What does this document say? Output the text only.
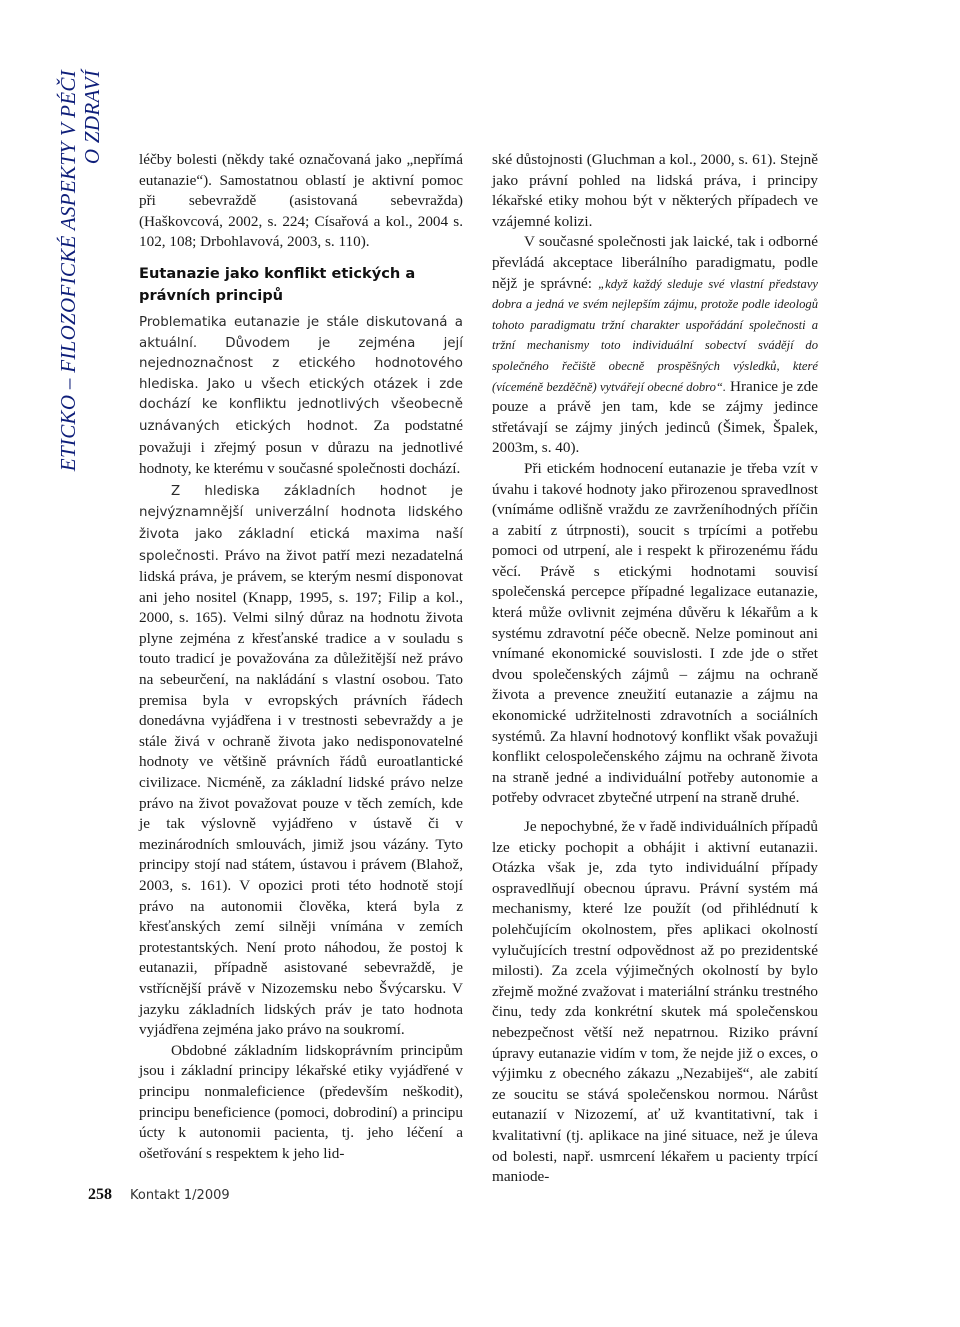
ETICKO – FILOZOFICKÉ ASPEKTY V PÉČI O ZDRAVÍ léčby bolesti (někdy také označovaná jako „nepřímá eutanazie“). Samostatnou oblastí je aktivní pomoc při sebevraždě (asistovaná sebevražda) (Haškovcová, 2002, s. 224; Císařová a kol., 2004 s. 102, 108; Drbohlavová, 2003, s. 110).

Eutanazie jako konflikt etických a právních principů

Problematika eutanazie je stále diskutovaná a aktuální. Důvodem je zejména její nejednoznačnost z etického hodnotového hlediska. Jako u všech etických otázek i zde dochází ke konfliktu jednotlivých všeobecně uznávaných etických hodnot. Za podstatné považuji i zřejmý posun v důrazu na jednotlivé hodnoty, ke kterému v současné společnosti dochází.

Z hlediska základních hodnot je nejvýznamnější univerzální hodnota lidského života jako základní etická maxima naší společnosti. Právo na život patří mezi nezadatelná lidská práva, je právem, se kterým nesmí disponovat ani jeho nositel (Knapp, 1995, s. 197; Filip a kol., 2000, s. 165). Velmi silný důraz na hodnotu života plyne zejména z křesťanské tradice a v souladu s touto tradicí je považována za důležitější než právo na sebeurčení, na nakládání s vlastní osobou. Tato premisa byla v evropských právních řádech donedávna vyjádřena i v trestnosti sebevraždy a je stále živá v ochraně života jako nedisponovatelné hodnoty ve většině právních řádů euroatlantické civilizace. Nicméně, za základní lidské právo nelze právo na život považovat pouze v těch zemích, kde je tak výslovně vyjádřeno v ústavě či v mezinárodních smlouvách, jimiž jsou vázány. Tyto principy stojí nad státem, ústavou i právem (Blahož, 2003, s. 161). V opozici proti této hodnotě stojí právo na autonomii člověka, která byla z křesťanských zemí silněji vnímána v zemích protestantských. Není proto náhodou, že postoj k eutanazii, případně asistované sebevraždě, je vstřícnější právě v Nizozemsku nebo Švýcarsku. V jazyku základních lidských práv je tato hodnota vyjádřena zejména jako právo na soukromí.

Obdobné základním lidskoprávním principům jsou i základní principy lékařské etiky vyjádřené v principu nonmaleficience (především neškodit), principu beneficience (pomoci, dobrodiní) a principu úcty k autonomii pacienta, tj. jeho léčení a ošetřování s respektem k jeho lid-

ské důstojnosti (Gluchman a kol., 2000, s. 61). Stejně jako právní pohled na lidská práva, i principy lékařské etiky mohou být v některých případech ve vzájemné kolizi.

V současné společnosti jak laické, tak i odborné převládá akceptace liberálního paradigmatu, podle nějž je správné: „když každý sleduje své vlastní představy dobra a jedná ve svém nejlepším zájmu, protože podle ideologů tohoto paradigmatu tržní charakter uspořádání společnosti a tržní mechanismy toto individuální sobectví svádějí do společného řečiště obecně prospěšných výsledků, které (víceméně bezděčně) vytvářejí obecné dobro“. Hranice je zde pouze a právě jen tam, kde se zájmy jedince střetávají se zájmy jiných jedinců (Šimek, Špalek, 2003m, s. 40).

Při etickém hodnocení eutanazie je třeba vzít v úvahu i takové hodnoty jako přirozenou spravedlnost (vnímáme odlišně vraždu ze zavrženíhodných příčin a zabití z útrpnosti), soucit s trpícími a potřebu pomoci od utrpení, ale i respekt k přirozenému řádu věcí. Právě s etickými hodnotami souvisí společenská percepce případné legalizace eutanazie, která může ovlivnit zejména důvěru k lékařům a k systému zdravotní péče obecně. Nelze pominout ani vnímané ekonomické souvislosti. I zde jde o střet dvou společenských zájmů – zájmu na ochraně života a prevence zneužití eutanazie a zájmu na ekonomické udržitelnosti zdravotních a sociálních systémů. Za hlavní hodnotový konflikt však považuji konflikt celospolečenského zájmu na ochraně života na straně jedné a individuální potřeby autonomie a potřeby odvracet zbytečné utrpení na straně druhé.

Je nepochybné, že v řadě individuálních případů lze eticky pochopit a obhájit i aktivní eutanazii. Otázka však je, zda tyto individuální případy ospravedlňují obecnou úpravu. Právní systém má mechanismy, které lze použít (od přihlédnutí k polehčujícím okolnostem, přes aplikaci okolností vylučujících trestní odpovědnost až po prezidentské milosti). Za zcela výjimečných okolností by bylo zřejmě možné zvažovat i materiální stránku trestného činu, tedy zda konkrétní skutek má společenskou nebezpečnost větší než nepatrnou. Riziko právní úpravy eutanazie vidím v tom, že nejde již o exces, o výjimku z obecného zákazu „Nezabiješ“, ale zabití ze soucitu se stává společenskou normou. Nárůst eutanazií v Nizozemí, ať už kvantitativní, tak i kvalitativní (tj. aplikace na jiné situace, než je úleva od bolesti, např. usmrcení lékařem u pacienty trpící maniode-

258 Kontakt 1/2009
